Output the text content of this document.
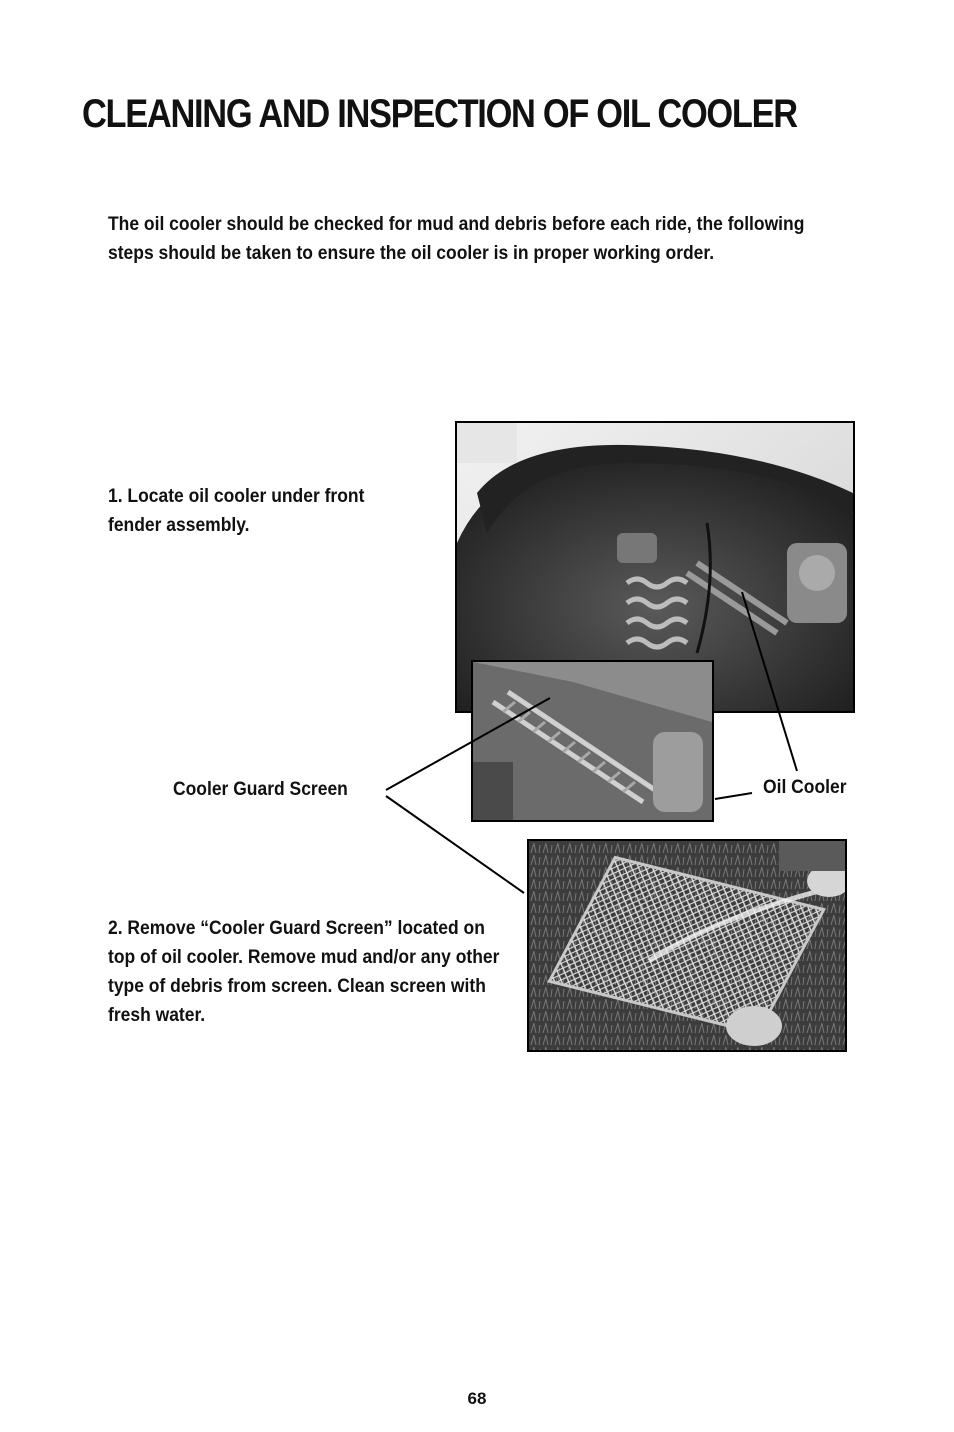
CLEANING AND INSPECTION OF OIL COOLER

The oil cooler should be checked for mud and debris before each ride, the following steps should be taken to ensure the oil cooler is in proper working order.

1. Locate oil cooler under front fender assembly.

Cooler Guard Screen	Oil Cooler

2. Remove “Cooler Guard Screen” located on top of oil cooler. Remove mud and/or any other type of debris from screen. Clean screen with fresh water.

68
